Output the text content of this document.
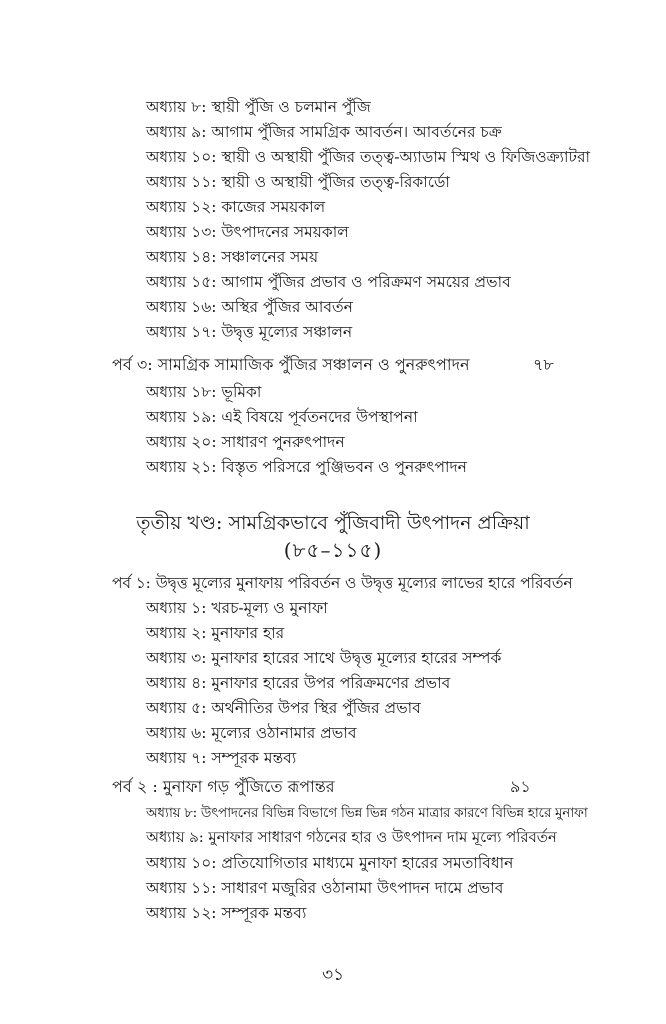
অধ্যায় ৮: স্থায়ী পুঁজি ও চলমান পুঁজি
অধ্যায় ৯: আগাম পুঁজির সামগ্রিক আবর্তন। আবর্তনের চক্র
অধ্যায় ১০: স্থায়ী ও অস্থায়ী পুঁজির তত্ত্ব-অ্যাডাম স্মিথ ও ফিজিওক্র্যাটরা
অধ্যায় ১১: স্থায়ী ও অস্থায়ী পুঁজির তত্ত্ব-রিকার্ডো
অধ্যায় ১২: কাজের সময়কাল
অধ্যায় ১৩: উৎপাদনের সময়কাল
অধ্যায় ১৪: সঞ্চালনের সময়
অধ্যায় ১৫: আগাম পুঁজির প্রভাব ও পরিক্রমণ সময়ের প্রভাব
অধ্যায় ১৬: অস্থির পুঁজির আবর্তন
অধ্যায় ১৭: উদ্বৃত্ত মূল্যের সঞ্চালন
পর্ব ৩: সামগ্রিক সামাজিক পুঁজির সঞ্চালন ও পুনরুৎপাদন	৭৮
অধ্যায় ১৮: ভূমিকা
অধ্যায় ১৯: এই বিষয়ে পূর্বতনদের উপস্থাপনা
অধ্যায় ২০: সাধারণ পুনরুৎপাদন
অধ্যায় ২১: বিস্তৃত পরিসরে পুঞ্জিভবন ও পুনরুৎপাদন
তৃতীয় খণ্ড: সামগ্রিকভাবে পুঁজিবাদী উৎপাদন প্রক্রিয়া
(৮৫–১১৫)
পর্ব ১: উদ্বৃত্ত মূল্যের মুনাফায় পরিবর্তন ও উদ্বৃত্ত মূল্যের লাভের হারে পরিবর্তন
অধ্যায় ১: খরচ-মূল্য ও মুনাফা
অধ্যায় ২: মুনাফার হার
অধ্যায় ৩: মুনাফার হারের সাথে উদ্বৃত্ত মূল্যের হারের সম্পর্ক
অধ্যায় ৪: মুনাফার হারের উপর পরিক্রমণের প্রভাব
অধ্যায় ৫: অর্থনীতির উপর স্থির পুঁজির প্রভাব
অধ্যায় ৬: মূল্যের ওঠানামার প্রভাব
অধ্যায় ৭: সম্পূরক মন্তব্য
পর্ব ২ : মুনাফা গড় পুঁজিতে রূপান্তর	৯১
অধ্যায় ৮: উৎপাদনের বিভিন্ন বিভাগে ভিন্ন ভিন্ন গঠন মাত্রার কারণে বিভিন্ন হারে মুনাফা
অধ্যায় ৯: মুনাফার সাধারণ গঠনের হার ও উৎপাদন দাম মূল্যে পরিবর্তন
অধ্যায় ১০: প্রতিযোগিতার মাধ্যমে মুনাফা হারের সমতাবিধান
অধ্যায় ১১: সাধারণ মজুরির ওঠানামা উৎপাদন দামে প্রভাব
অধ্যায় ১২: সম্পূরক মন্তব্য
৩১
